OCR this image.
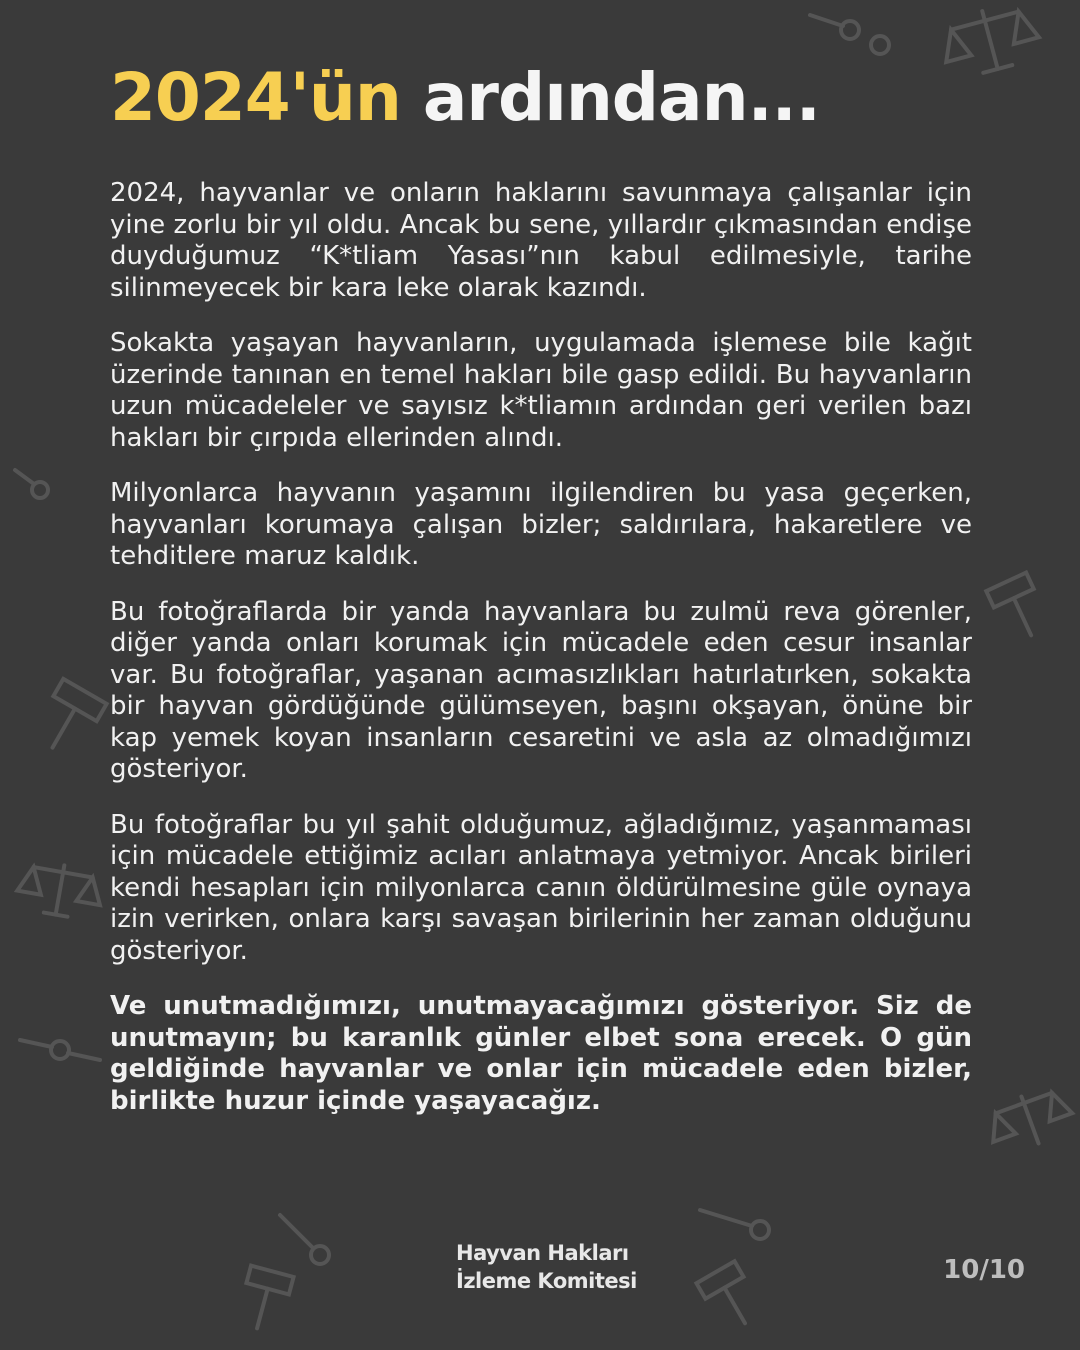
2024'ün ardından...

2024, hayvanlar ve onların haklarını savunmaya çalışanlar için yine zorlu bir yıl oldu. Ancak bu sene, yıllardır çıkmasından endişe duyduğumuz “K*tliam Yasası”nın kabul edilmesiyle, tarihe silinmeyecek bir kara leke olarak kazındı.

Sokakta yaşayan hayvanların, uygulamada işlemese bile kağıt üzerinde tanınan en temel hakları bile gasp edildi. Bu hayvanların uzun mücadeleler ve sayısız k*tliamın ardından geri verilen bazı hakları bir çırpıda ellerinden alındı.

Milyonlarca hayvanın yaşamını ilgilendiren bu yasa geçerken, hayvanları korumaya çalışan bizler; saldırılara, hakaretlere ve tehditlere maruz kaldık.

Bu fotoğraflarda bir yanda hayvanlara bu zulmü reva görenler, diğer yanda onları korumak için mücadele eden cesur insanlar var. Bu fotoğraflar, yaşanan acımasızlıkları hatırlatırken, sokakta bir hayvan gördüğünde gülümseyen, başını okşayan, önüne bir kap yemek koyan insanların cesaretini ve asla az olmadığımızı gösteriyor.

Bu fotoğraflar bu yıl şahit olduğumuz, ağladığımız, yaşanmaması için mücadele ettiğimiz acıları anlatmaya yetmiyor. Ancak birileri kendi hesapları için milyonlarca canın öldürülmesine güle oynaya izin verirken, onlara karşı savaşan birilerinin her zaman olduğunu gösteriyor.

Ve unutmadığımızı, unutmayacağımızı gösteriyor. Siz de unutmayın; bu karanlık günler elbet sona erecek. O gün geldiğinde hayvanlar ve onlar için mücadele eden bizler, birlikte huzur içinde yaşayacağız.

Hayvan Hakları
İzleme Komitesi	10/10
